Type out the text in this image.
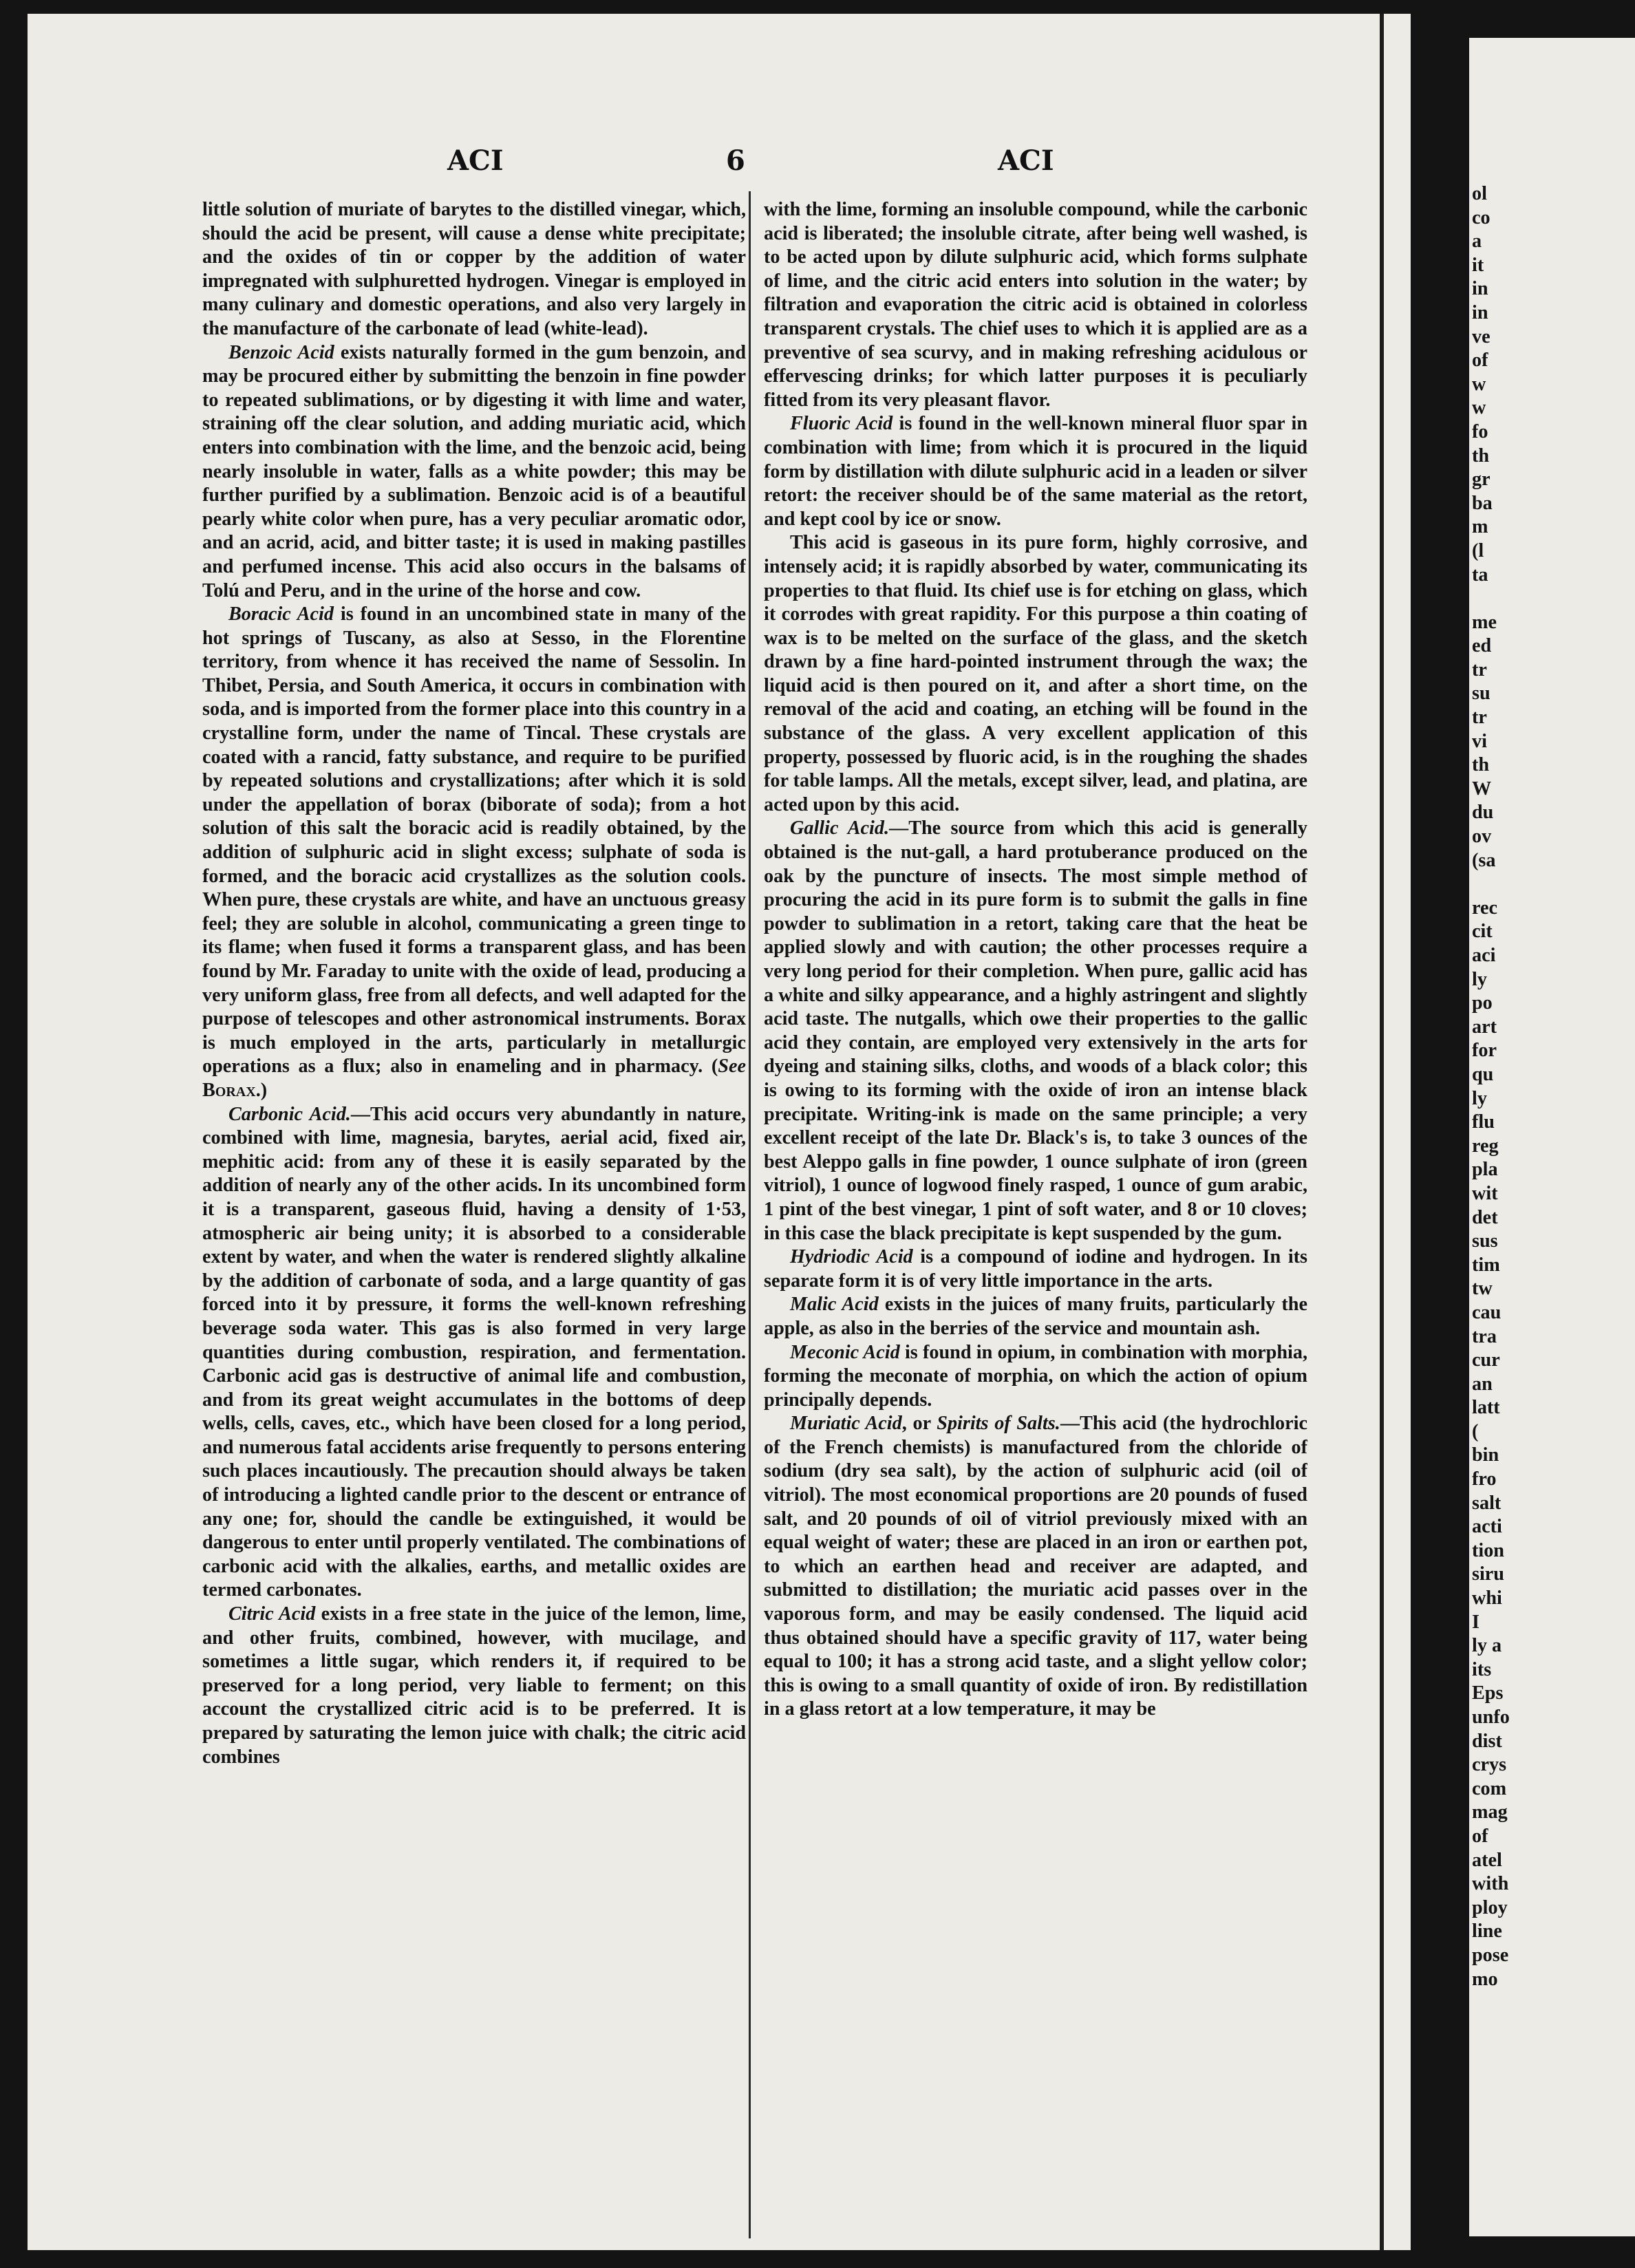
ACI	6	ACI

little solution of muriate of barytes to the distilled vinegar, which, should the acid be present, will cause a dense white precipitate; and the oxides of tin or copper by the addition of water impregnated with sulphuretted hydrogen. Vinegar is employed in many culinary and domestic operations, and also very largely in the manufacture of the carbonate of lead (white-lead).

Benzoic Acid exists naturally formed in the gum benzoin, and may be procured either by submitting the benzoin in fine powder to repeated sublimations, or by digesting it with lime and water, straining off the clear solution, and adding muriatic acid, which enters into combination with the lime, and the benzoic acid, being nearly insoluble in water, falls as a white powder; this may be further purified by a sublimation. Benzoic acid is of a beautiful pearly white color when pure, has a very peculiar aromatic odor, and an acrid, acid, and bitter taste; it is used in making pastilles and perfumed incense. This acid also occurs in the balsams of Tolú and Peru, and in the urine of the horse and cow.

Boracic Acid is found in an uncombined state in many of the hot springs of Tuscany, as also at Sesso, in the Florentine territory, from whence it has received the name of Sessolin. In Thibet, Persia, and South America, it occurs in combination with soda, and is imported from the former place into this country in a crystalline form, under the name of Tincal. These crystals are coated with a rancid, fatty substance, and require to be purified by repeated solutions and crystallizations; after which it is sold under the appellation of borax (biborate of soda); from a hot solution of this salt the boracic acid is readily obtained, by the addition of sulphuric acid in slight excess; sulphate of soda is formed, and the boracic acid crystallizes as the solution cools. When pure, these crystals are white, and have an unctuous greasy feel; they are soluble in alcohol, communicating a green tinge to its flame; when fused it forms a transparent glass, and has been found by Mr. Faraday to unite with the oxide of lead, producing a very uniform glass, free from all defects, and well adapted for the purpose of telescopes and other astronomical instruments. Borax is much employed in the arts, particularly in metallurgic operations as a flux; also in enameling and in pharmacy. (See Borax.)

Carbonic Acid.—This acid occurs very abundantly in nature, combined with lime, magnesia, barytes, aerial acid, fixed air, mephitic acid: from any of these it is easily separated by the addition of nearly any of the other acids. In its uncombined form it is a transparent, gaseous fluid, having a density of 1·53, atmospheric air being unity; it is absorbed to a considerable extent by water, and when the water is rendered slightly alkaline by the addition of carbonate of soda, and a large quantity of gas forced into it by pressure, it forms the well-known refreshing beverage soda water. This gas is also formed in very large quantities during combustion, respiration, and fermentation. Carbonic acid gas is destructive of animal life and combustion, and from its great weight accumulates in the bottoms of deep wells, cells, caves, etc., which have been closed for a long period, and numerous fatal accidents arise frequently to persons entering such places incautiously. The precaution should always be taken of introducing a lighted candle prior to the descent or entrance of any one; for, should the candle be extinguished, it would be dangerous to enter until properly ventilated. The combinations of carbonic acid with the alkalies, earths, and metallic oxides are termed carbonates.

Citric Acid exists in a free state in the juice of the lemon, lime, and other fruits, combined, however, with mucilage, and sometimes a little sugar, which renders it, if required to be preserved for a long period, very liable to ferment; on this account the crystallized citric acid is to be preferred. It is prepared by saturating the lemon juice with chalk; the citric acid combines

with the lime, forming an insoluble compound, while the carbonic acid is liberated; the insoluble citrate, after being well washed, is to be acted upon by dilute sulphuric acid, which forms sulphate of lime, and the citric acid enters into solution in the water; by filtration and evaporation the citric acid is obtained in colorless transparent crystals. The chief uses to which it is applied are as a preventive of sea scurvy, and in making refreshing acidulous or effervescing drinks; for which latter purposes it is peculiarly fitted from its very pleasant flavor.

Fluoric Acid is found in the well-known mineral fluor spar in combination with lime; from which it is procured in the liquid form by distillation with dilute sulphuric acid in a leaden or silver retort: the receiver should be of the same material as the retort, and kept cool by ice or snow.

This acid is gaseous in its pure form, highly corrosive, and intensely acid; it is rapidly absorbed by water, communicating its properties to that fluid. Its chief use is for etching on glass, which it corrodes with great rapidity. For this purpose a thin coating of wax is to be melted on the surface of the glass, and the sketch drawn by a fine hard-pointed instrument through the wax; the liquid acid is then poured on it, and after a short time, on the removal of the acid and coating, an etching will be found in the substance of the glass. A very excellent application of this property, possessed by fluoric acid, is in the roughing the shades for table lamps. All the metals, except silver, lead, and platina, are acted upon by this acid.

Gallic Acid.—The source from which this acid is generally obtained is the nut-gall, a hard protuberance produced on the oak by the puncture of insects. The most simple method of procuring the acid in its pure form is to submit the galls in fine powder to sublimation in a retort, taking care that the heat be applied slowly and with caution; the other processes require a very long period for their completion. When pure, gallic acid has a white and silky appearance, and a highly astringent and slightly acid taste. The nutgalls, which owe their properties to the gallic acid they contain, are employed very extensively in the arts for dyeing and staining silks, cloths, and woods of a black color; this is owing to its forming with the oxide of iron an intense black precipitate. Writing-ink is made on the same principle; a very excellent receipt of the late Dr. Black's is, to take 3 ounces of the best Aleppo galls in fine powder, 1 ounce sulphate of iron (green vitriol), 1 ounce of logwood finely rasped, 1 ounce of gum arabic, 1 pint of the best vinegar, 1 pint of soft water, and 8 or 10 cloves; in this case the black precipitate is kept suspended by the gum.

Hydriodic Acid is a compound of iodine and hydrogen. In its separate form it is of very little importance in the arts.

Malic Acid exists in the juices of many fruits, particularly the apple, as also in the berries of the service and mountain ash.

Meconic Acid is found in opium, in combination with morphia, forming the meconate of morphia, on which the action of opium principally depends.

Muriatic Acid, or Spirits of Salts.—This acid (the hydrochloric of the French chemists) is manufactured from the chloride of sodium (dry sea salt), by the action of sulphuric acid (oil of vitriol). The most economical proportions are 20 pounds of fused salt, and 20 pounds of oil of vitriol previously mixed with an equal weight of water; these are placed in an iron or earthen pot, to which an earthen head and receiver are adapted, and submitted to distillation; the muriatic acid passes over in the vaporous form, and may be easily condensed. The liquid acid thus obtained should have a specific gravity of 117, water being equal to 100; it has a strong acid taste, and a slight yellow color; this is owing to a small quantity of oxide of iron. By redistillation in a glass retort at a low temperature, it may be

ol
co
a
it
in
in
ve
of
w
w
fo
th
gr
ba
m
(l
ta

me
ed
tr
su
tr
vi
th
W
du
ov
(sa

rec
cit
aci
ly
po
art
for
qu
ly
flu
reg
pla
wit
det
sus
tim
tw
cau
tra
cur
an
latt
(
bin
fro
salt
acti
tion
siru
whi
I
ly a
its
Eps
unfo
dist
crys
com
mag
of
atel
with
ploy
line
pose
mo
